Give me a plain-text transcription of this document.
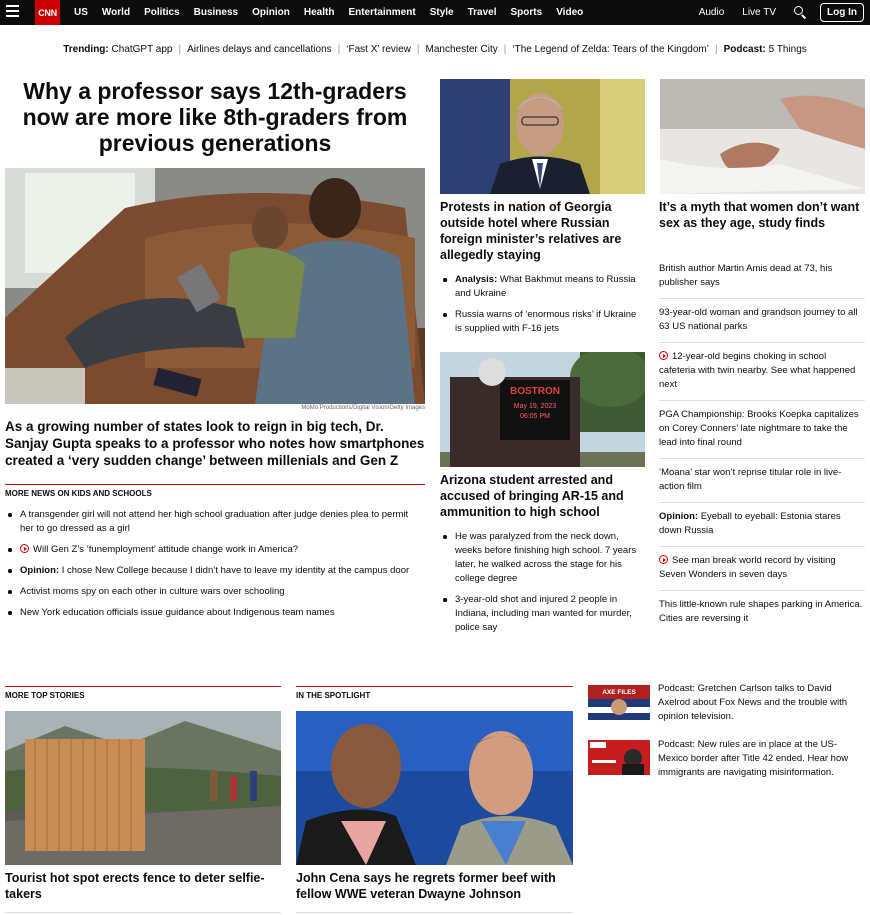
CNN	US World Politics Business Opinion Health Entertainment Style Travel Sports Video	Audio Live TV	Log In
Trending: ChatGPT app | Airlines delays and cancellations | ‘Fast X’ review | Manchester City | ‘The Legend of Zelda: Tears of the Kingdom’ | Podcast: 5 Things
Why a professor says 12th-graders now are more like 8th-graders from previous generations
MoMo Productions/Digital Vision/Getty Images
As a growing number of states look to reign in big tech, Dr. Sanjay Gupta speaks to a professor who notes how smartphones created a ‘very sudden change’ between millenials and Gen Z
MORE NEWS ON KIDS AND SCHOOLS
A transgender girl will not attend her high school graduation after judge denies plea to permit her to go dressed as a girl
Will Gen Z’s ‘funemployment’ attitude change work in America?
Opinion: I chose New College because I didn’t have to leave my identity at the campus door
Activist moms spy on each other in culture wars over schooling
New York education officials issue guidance about Indigenous team names
Protests in nation of Georgia outside hotel where Russian foreign minister’s relatives are allegedly staying
Analysis: What Bakhmut means to Russia and Ukraine
Russia warns of ‘enormous risks’ if Ukraine is supplied with F-16 jets
BOSTRON
May 19, 2023
06:05 PM
Arizona student arrested and accused of bringing AR-15 and ammunition to high school
He was paralyzed from the neck down, weeks before finishing high school. 7 years later, he walked across the stage for his college degree
3-year-old shot and injured 2 people in Indiana, including man wanted for murder, police say
It’s a myth that women don’t want sex as they age, study finds
British author Martin Amis dead at 73, his publisher says
93-year-old woman and grandson journey to all 63 US national parks
12-year-old begins choking in school cafeteria with twin nearby. See what happened next
PGA Championship: Brooks Koepka capitalizes on Corey Conners’ late nightmare to take the lead into final round
‘Moana’ star won’t reprise titular role in live-action film
Opinion: Eyeball to eyeball: Estonia stares down Russia
See man break world record by visiting Seven Wonders in seven days
This little-known rule shapes parking in America. Cities are reversing it
MORE TOP STORIES
Tourist hot spot erects fence to deter selfie-takers
IN THE SPOTLIGHT
John Cena says he regrets former beef with fellow WWE veteran Dwayne Johnson
AXE FILES Podcast: Gretchen Carlson talks to David Axelrod about Fox News and the trouble with opinion television.
Podcast: New rules are in place at the US-Mexico border after Title 42 ended. Hear how immigrants are navigating misinformation.
